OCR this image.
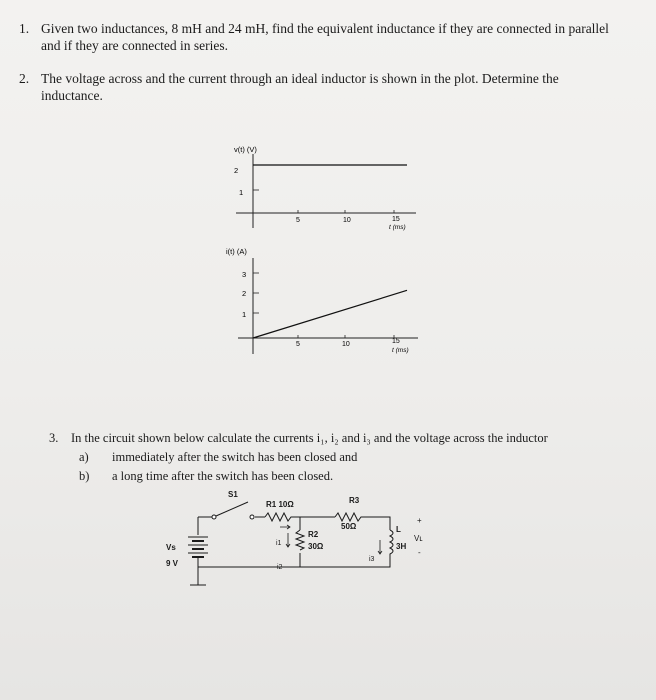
1. Given two inductances, 8 mH and 24 mH, find the equivalent inductance if they are connected in parallel and if they are connected in series.
2. The voltage across and the current through an ideal inductor is shown in the plot. Determine the inductance.
v(t) (V)
2
1
5	10	15
t (ms)
i(t) (A)
3
2
1
5	10	15
t (ms)
3. In the circuit shown below calculate the currents i₁, i₂ and i₃ and the voltage across the inductor
a) immediately after the switch has been closed and
b) a long time after the switch has been closed.
S1
R1 10Ω	R3
50Ω
R2
30Ω
L
3H
+
Vʟ
-
Vs
9 V
i1
i2
i3
